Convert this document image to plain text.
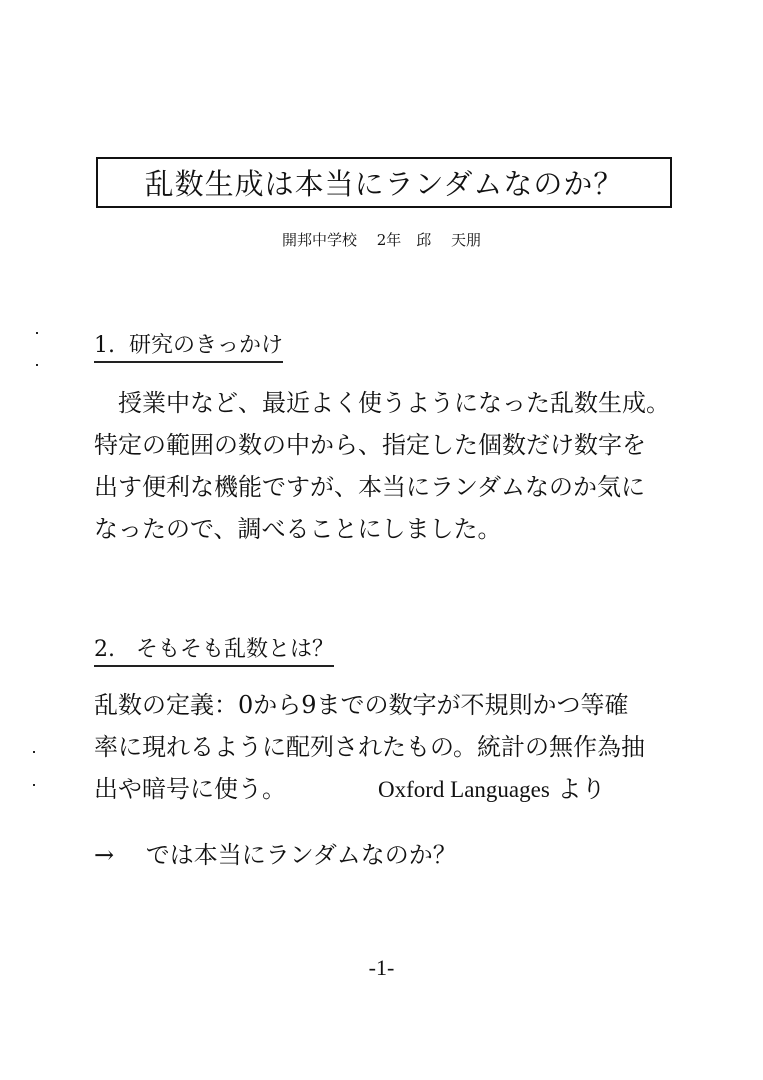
乱数生成は本当にランダムなのか？
開邦中学校　 2年　邱　 天朋
1.  研究のきっかけ
　授業中など、最近よく使うようになった乱数生成。
特定の範囲の数の中から、指定した個数だけ数字を
出す便利な機能ですが、本当にランダムなのか気に
なったので、調べることにしました。
2.   そもそも乱数とは？
乱数の定義：0から9までの数字が不規則かつ等確
率に現れるように配列されたもの。統計の無作為抽
出や暗号に使う。	Oxford Languages より
→　 では本当にランダムなのか？
-1-
